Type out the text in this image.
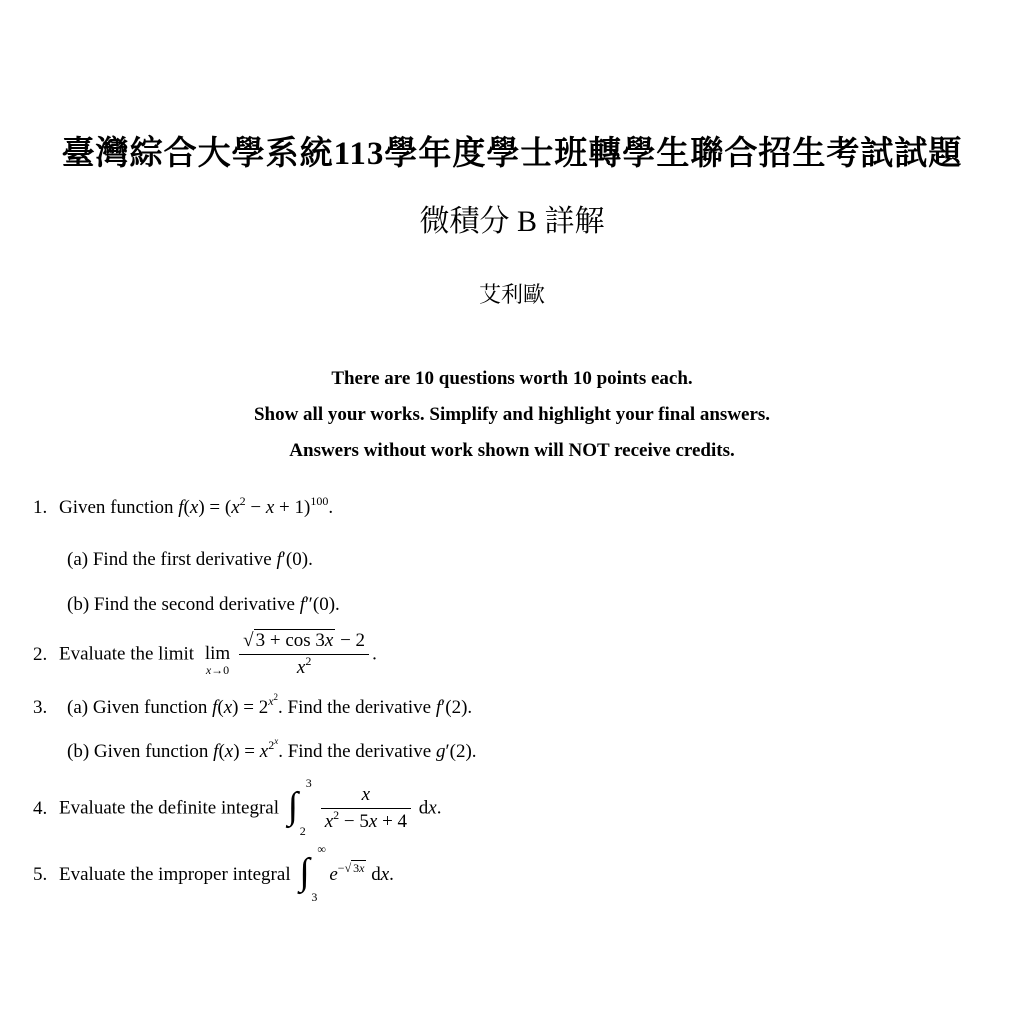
臺灣綜合大學系統113學年度學士班轉學生聯合招生考試試題
微積分 B 詳解
艾利歐
There are 10 questions worth 10 points each.
Show all your works. Simplify and highlight your final answers.
Answers without work shown will NOT receive credits.
1. Given function $f(x) = (x^2 - x + 1)^{100}$.
(a) Find the first derivative f′(0).
(b) Find the second derivative f″(0).
2. Evaluate the limit lim
$x\to 0 \frac{√ 3 + \cos 3x - 2}{x^2}$ .
3. (a) Given function $f(x) = 2^{x^2}$. Find the derivative f′(2).
(b) Given function $f(x) = x^{2^x}$. Find the derivative g′(2).
4. Evaluate the definite integral ∫
3
$2 \frac{x}{x^2 - 5x + 4}$ dx.
5. Evaluate the improper integral ∫
∞
3
$e^{-√ 3x}$ dx.
